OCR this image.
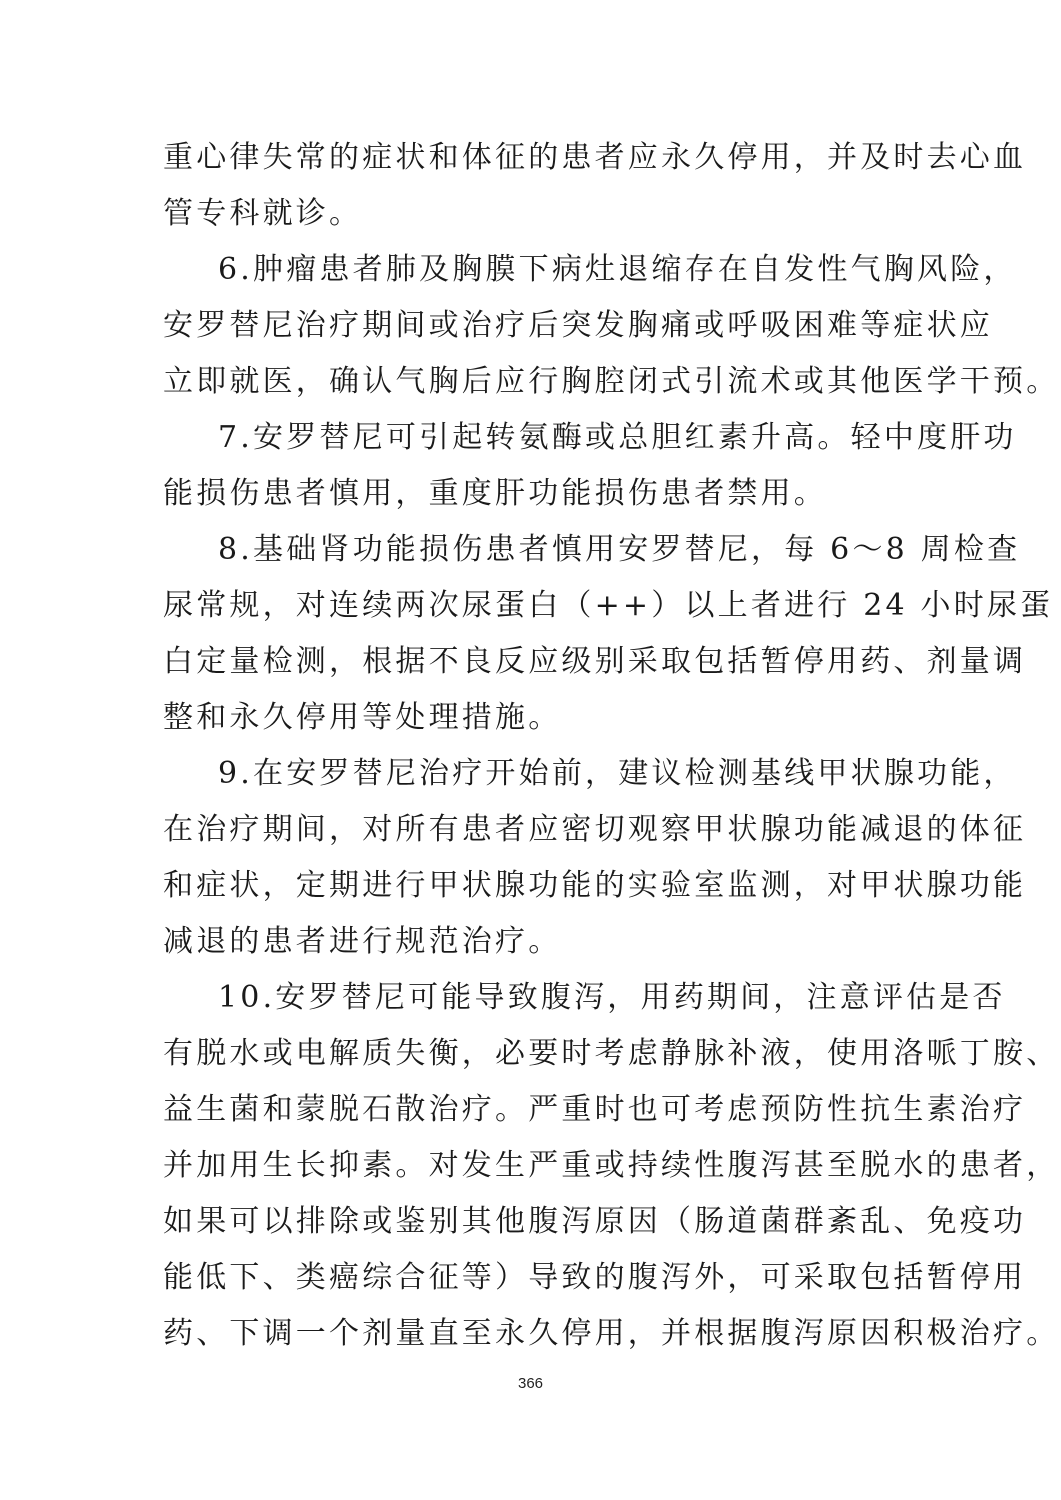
重心律失常的症状和体征的患者应永久停用，并及时去心血
管专科就诊。
6.肿瘤患者肺及胸膜下病灶退缩存在自发性气胸风险，
安罗替尼治疗期间或治疗后突发胸痛或呼吸困难等症状应
立即就医，确认气胸后应行胸腔闭式引流术或其他医学干预。
7.安罗替尼可引起转氨酶或总胆红素升高。轻中度肝功
能损伤患者慎用，重度肝功能损伤患者禁用。
8.基础肾功能损伤患者慎用安罗替尼，每 6～8 周检查
尿常规，对连续两次尿蛋白（++）以上者进行 24 小时尿蛋
白定量检测，根据不良反应级别采取包括暂停用药、剂量调
整和永久停用等处理措施。
9.在安罗替尼治疗开始前，建议检测基线甲状腺功能，
在治疗期间，对所有患者应密切观察甲状腺功能减退的体征
和症状，定期进行甲状腺功能的实验室监测，对甲状腺功能
减退的患者进行规范治疗。
10.安罗替尼可能导致腹泻，用药期间，注意评估是否
有脱水或电解质失衡，必要时考虑静脉补液，使用洛哌丁胺、
益生菌和蒙脱石散治疗。严重时也可考虑预防性抗生素治疗
并加用生长抑素。对发生严重或持续性腹泻甚至脱水的患者，
如果可以排除或鉴别其他腹泻原因（肠道菌群紊乱、免疫功
能低下、类癌综合征等）导致的腹泻外，可采取包括暂停用
药、下调一个剂量直至永久停用，并根据腹泻原因积极治疗。
366
